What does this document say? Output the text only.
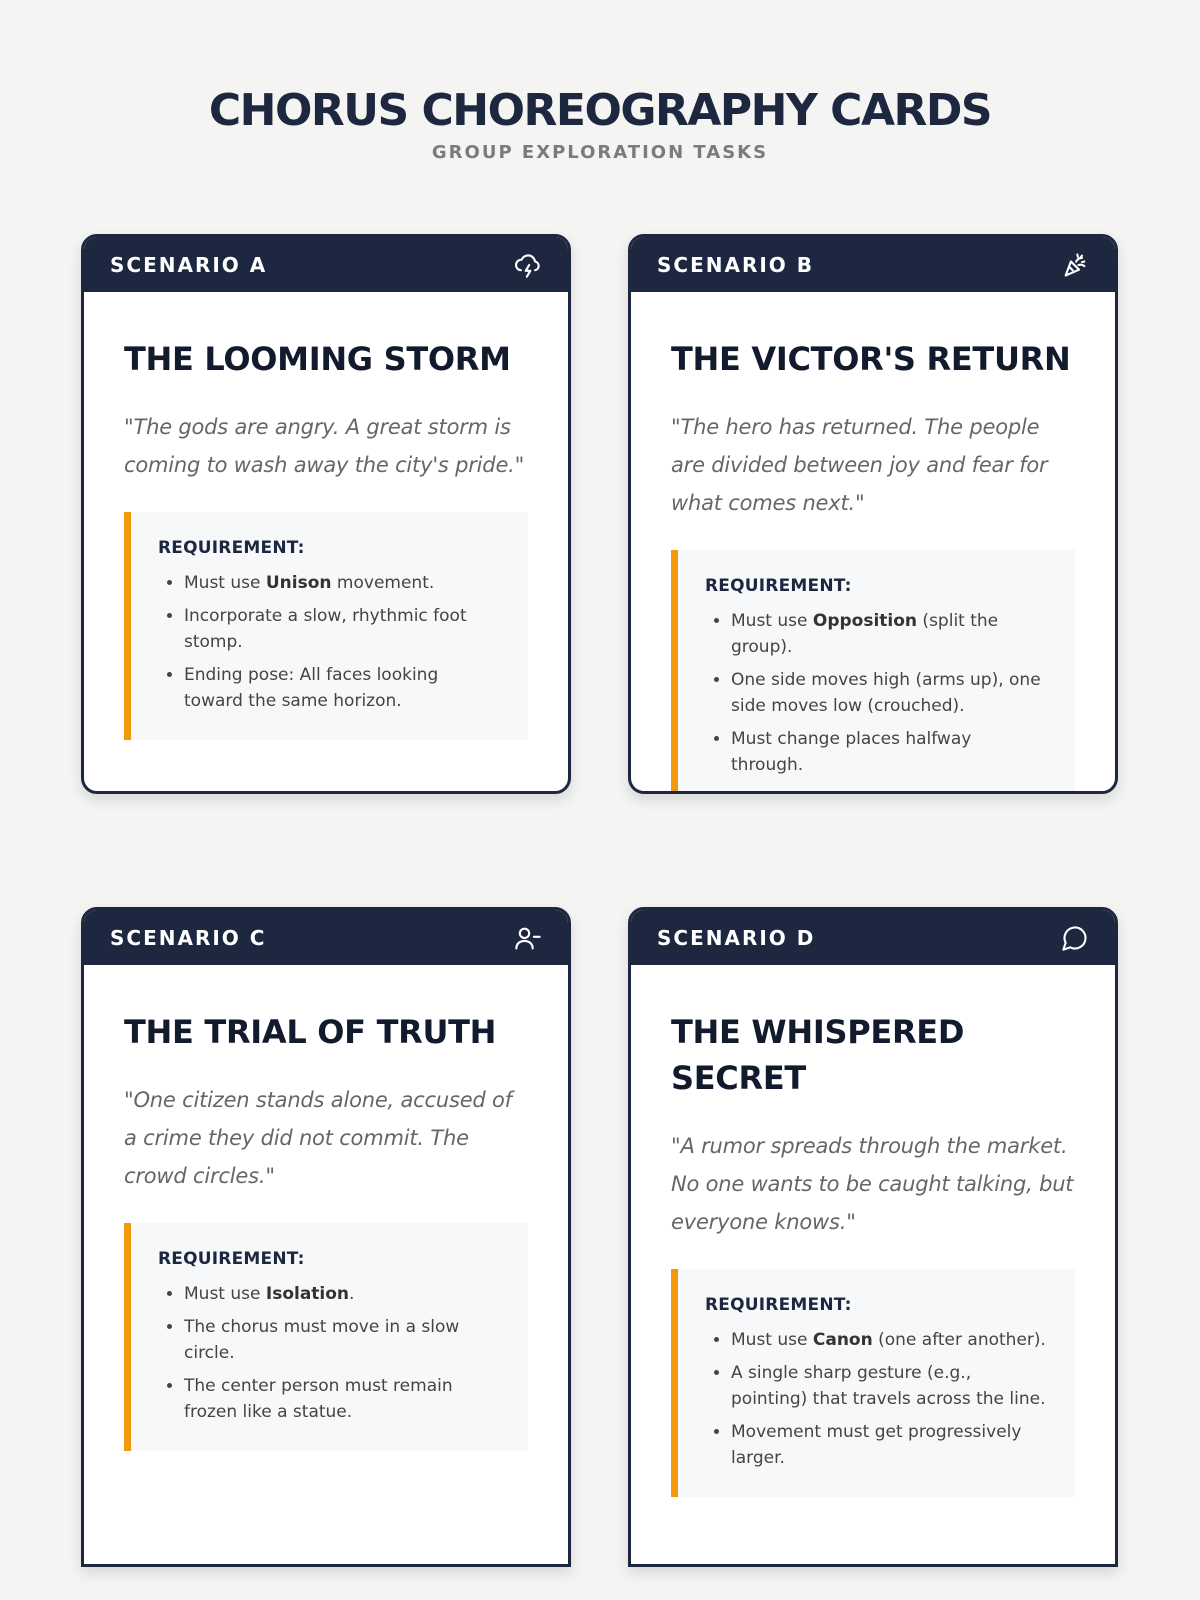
CHORUS CHOREOGRAPHY CARDS
GROUP EXPLORATION TASKS
SCENARIO A
THE LOOMING STORM

"The gods are angry. A great storm is coming to wash away the city's pride."

REQUIREMENT:
• Must use Unison movement.
• Incorporate a slow, rhythmic foot stomp.
• Ending pose: All faces looking toward the same horizon.
SCENARIO B
THE VICTOR'S RETURN

"The hero has returned. The people are divided between joy and fear for what comes next."

REQUIREMENT:
• Must use Opposition (split the group).
• One side moves high (arms up), one side moves low (crouched).
• Must change places halfway through.
SCENARIO C
THE TRIAL OF TRUTH

"One citizen stands alone, accused of a crime they did not commit. The crowd circles."

REQUIREMENT:
• Must use Isolation.
• The chorus must move in a slow circle.
• The center person must remain frozen like a statue.
SCENARIO D
THE WHISPERED SECRET

"A rumor spreads through the market. No one wants to be caught talking, but everyone knows."

REQUIREMENT:
• Must use Canon (one after another).
• A single sharp gesture (e.g., pointing) that travels across the line.
• Movement must get progressively larger.
